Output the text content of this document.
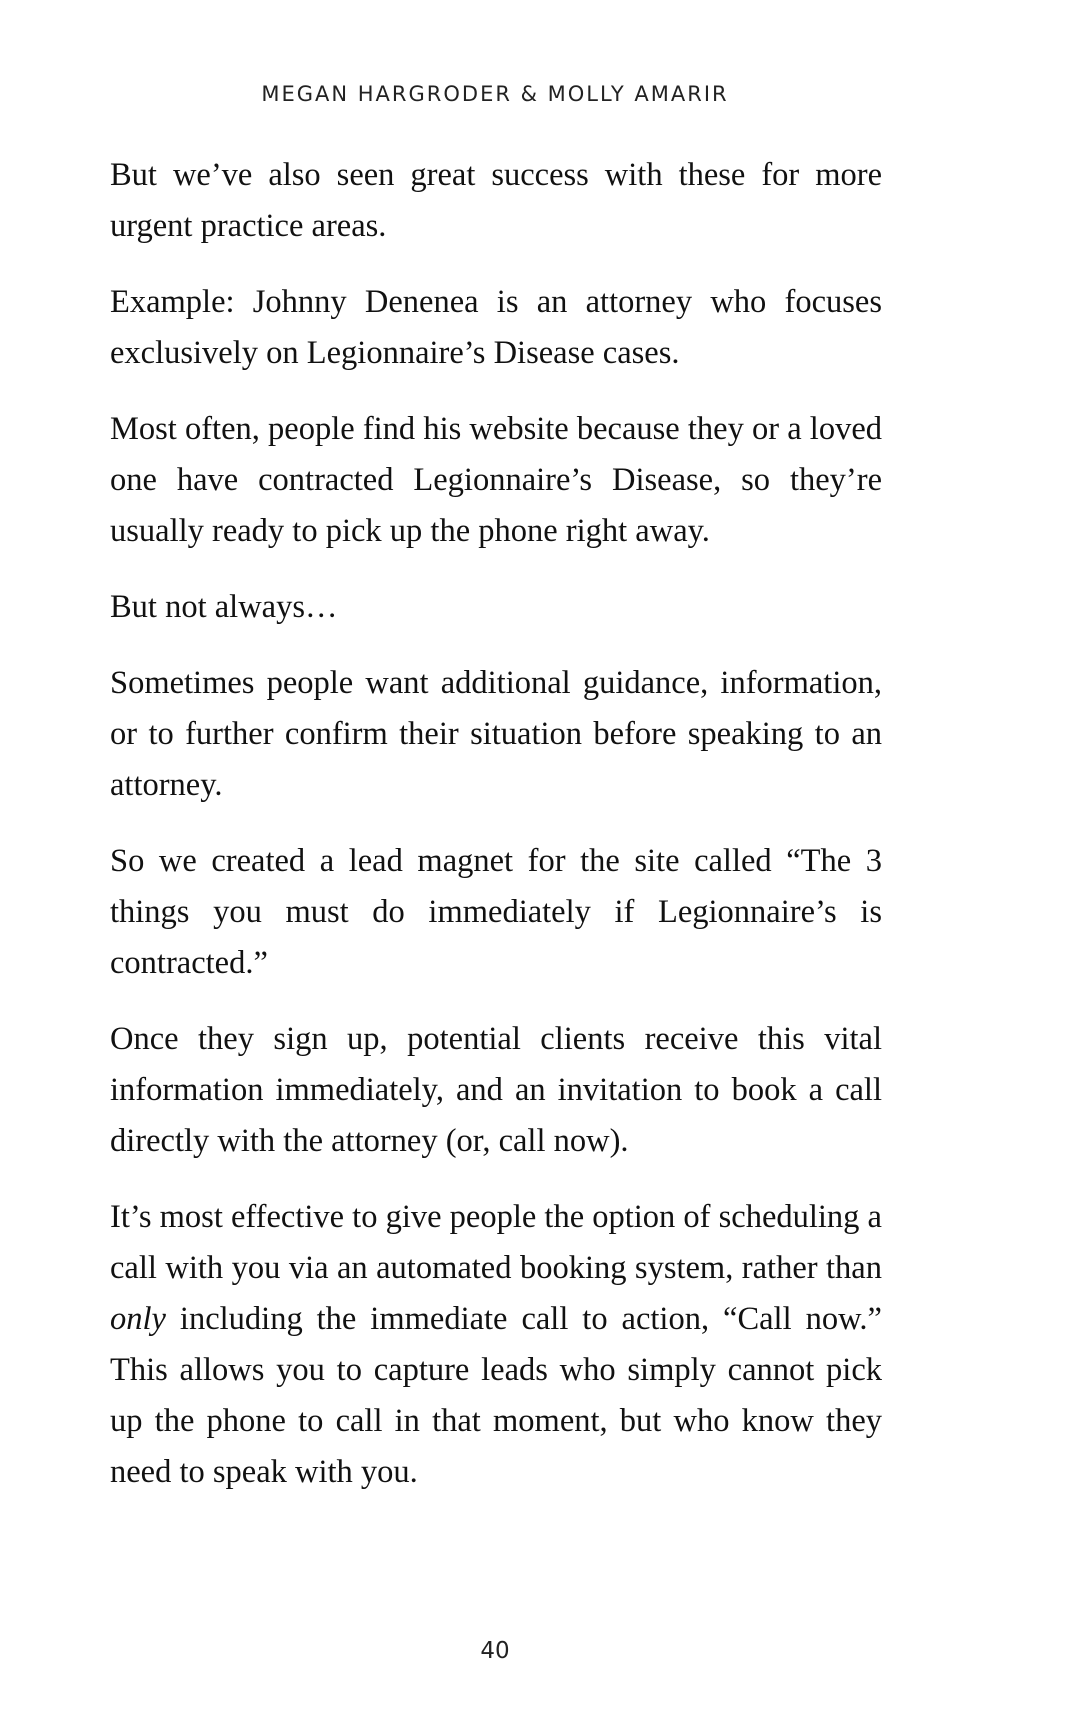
MEGAN HARGRODER & MOLLY AMARIR

But we’ve also seen great success with these for more urgent practice areas.

Example: Johnny Denenea is an attorney who focuses exclusively on Legionnaire’s Disease cases.

Most often, people find his website because they or a loved one have contracted Legionnaire’s Disease, so they’re usually ready to pick up the phone right away.

But not always…

Sometimes people want additional guidance, information, or to further confirm their situation before speaking to an attorney.

So we created a lead magnet for the site called “The 3 things you must do immediately if Legionnaire’s is contracted.”

Once they sign up, potential clients receive this vital information immediately, and an invitation to book a call directly with the attorney (or, call now).

It’s most effective to give people the option of scheduling a call with you via an automated booking system, rather than only including the immediate call to action, “Call now.” This allows you to capture leads who simply cannot pick up the phone to call in that moment, but who know they need to speak with you.

40
